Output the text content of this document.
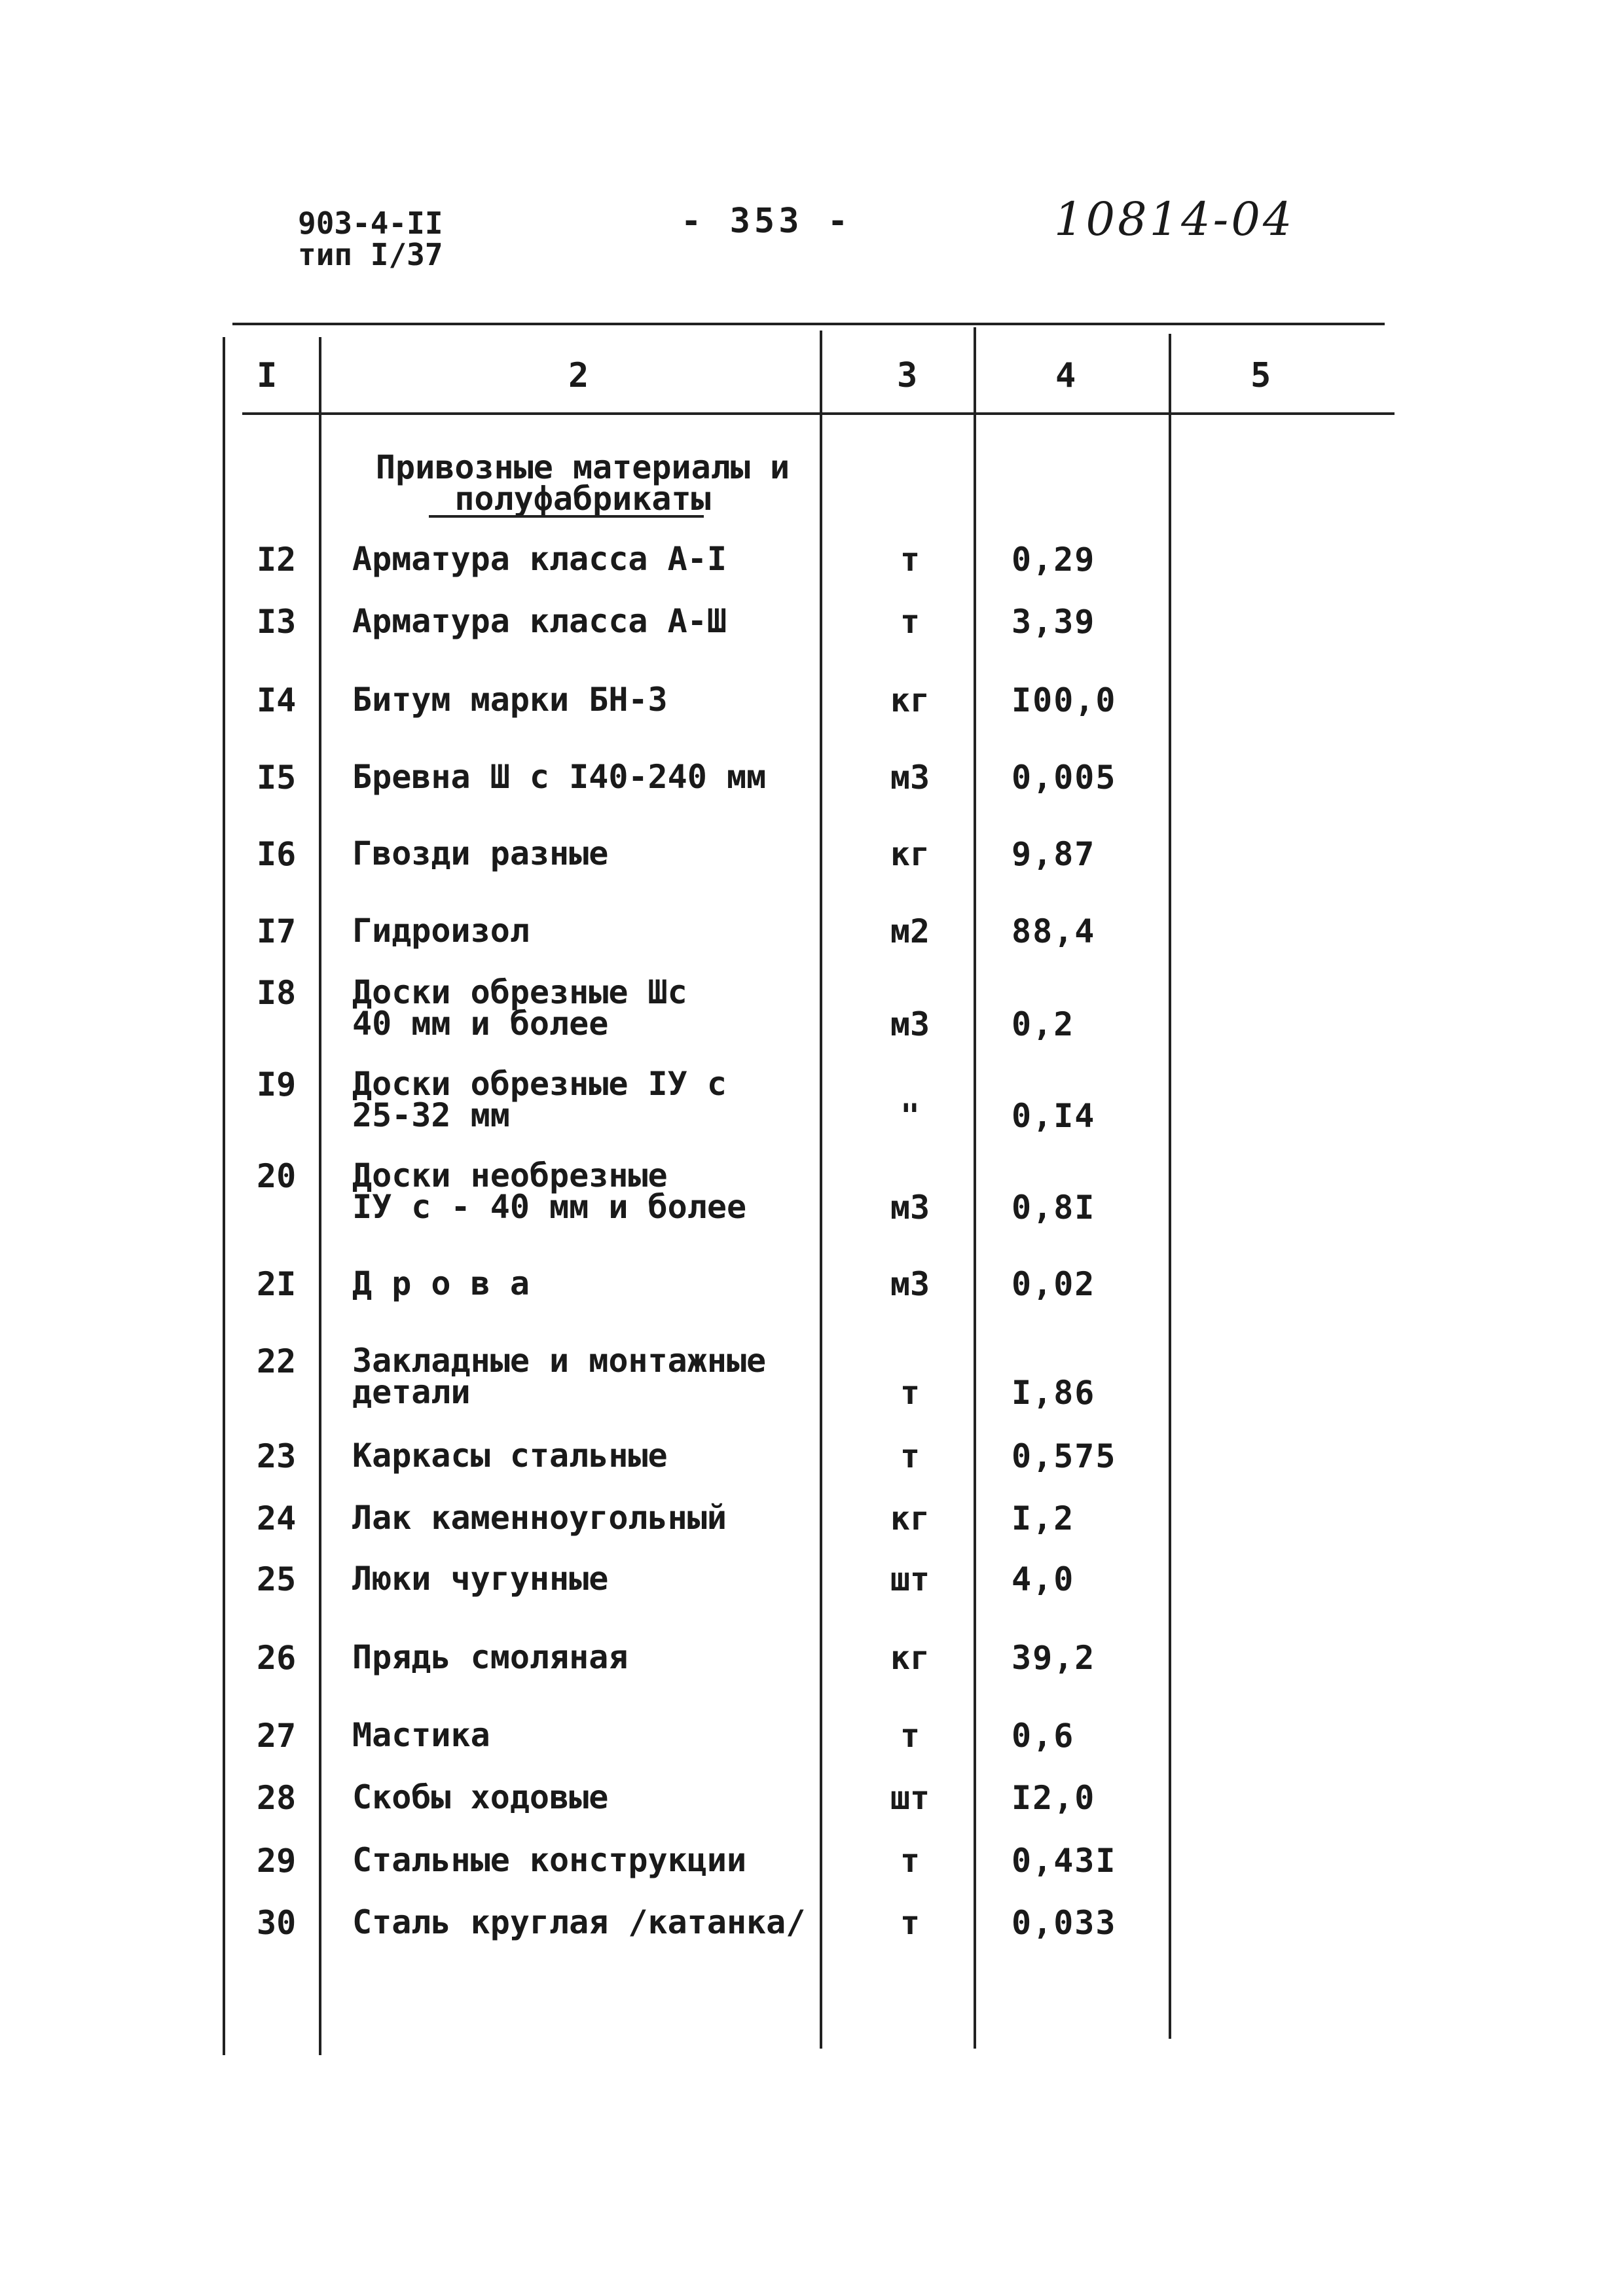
903-4-II
тип I/37
- 353 -	10814-04
I	2	3	4	5
Привозные материалы и
полуфабрикаты
I2 Арматура класса А-I	т	0,29
I3 Арматура класса А-Ш	т	3,39
I4 Битум марки БН-3	кг	I00,0
I5 Бревна Ш с I40-240 мм	м3	0,005
I6 Гвозди разные	кг	9,87
I7 Гидроизол	м2	88,4
I8 Доски обрезные Шс
40 мм и более	м3	0,2
I9 Доски обрезные IУ с
25-32 мм	"	0,I4
20 Доски необрезные
IУ с - 40 мм и более	м3	0,8I
2I Д р о в а	м3	0,02
22 Закладные и монтажные
детали	т	I,86
23 Каркасы стальные	т	0,575
24 Лак каменноугольный	кг	I,2
25 Люки чугунные	шт	4,0
26 Прядь смоляная	кг	39,2
27 Мастика	т	0,6
28 Скобы ходовые	шт	I2,0
29 Стальные конструкции	т	0,43I
30 Сталь круглая /катанка/	т	0,033
